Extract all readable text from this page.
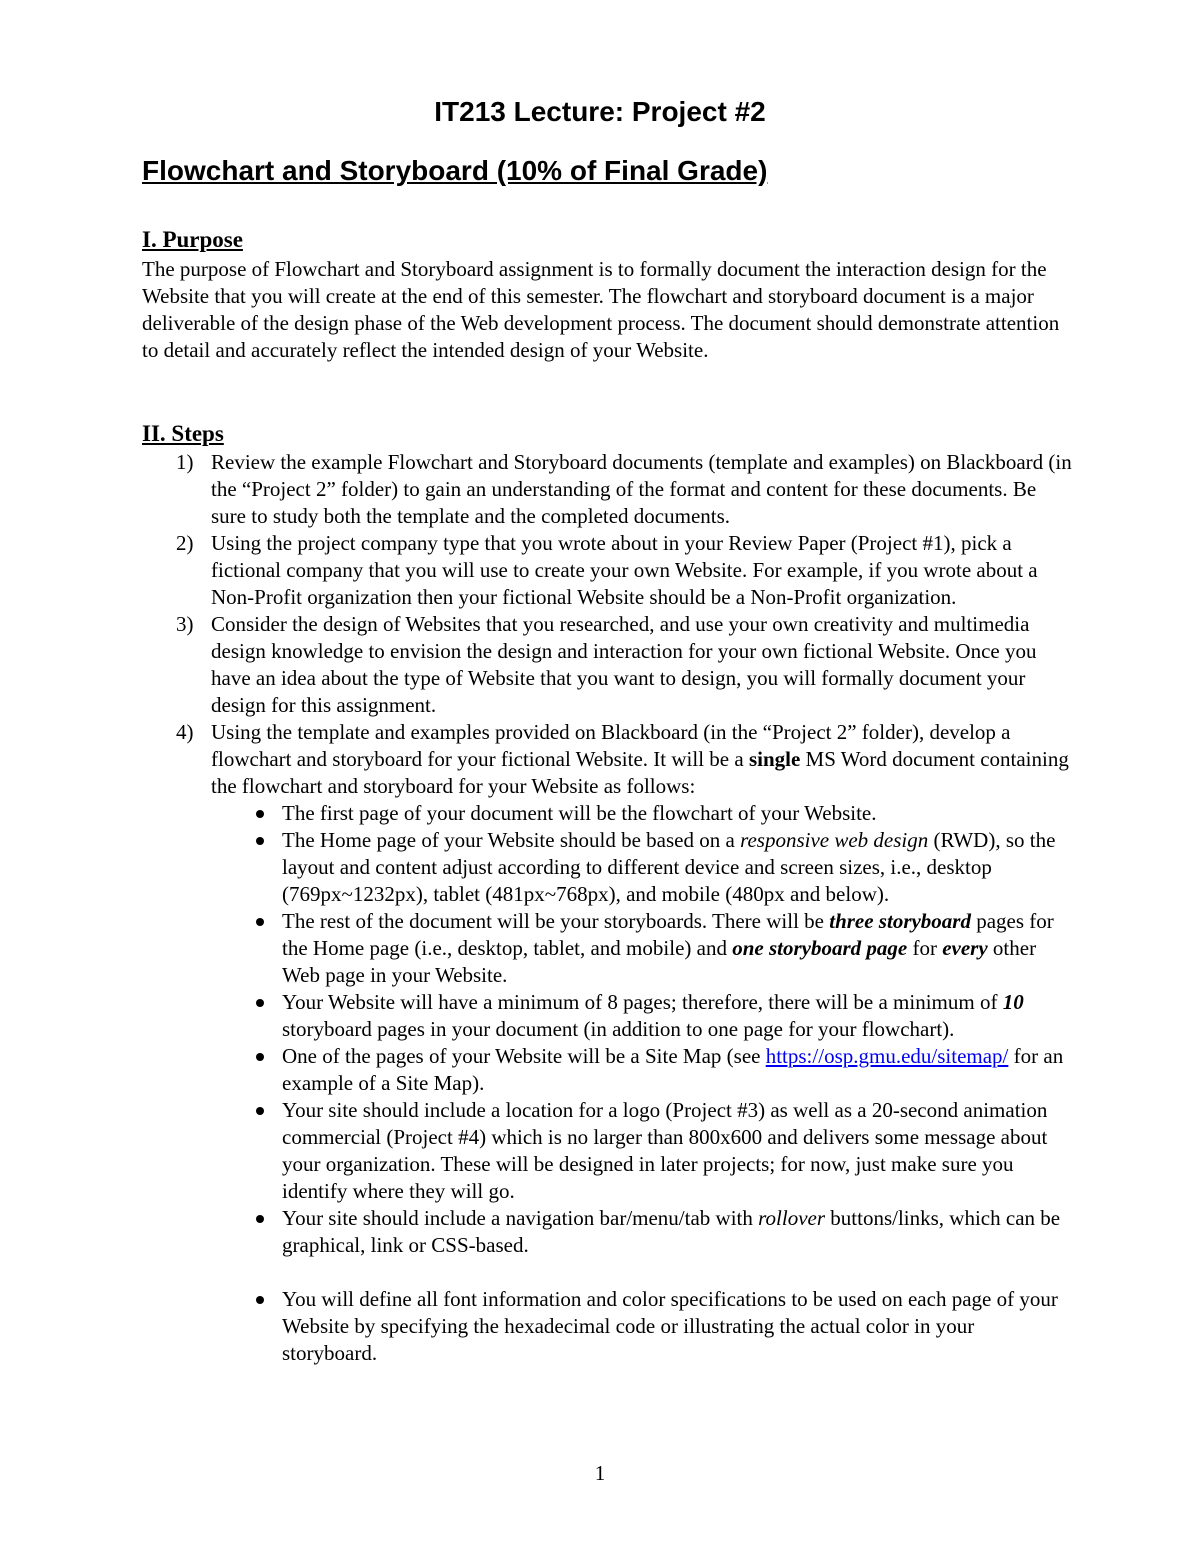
IT213 Lecture: Project #2
Flowchart and Storyboard (10% of Final Grade)
I. Purpose

The purpose of Flowchart and Storyboard assignment is to formally document the interaction design for the Website that you will create at the end of this semester. The flowchart and storyboard document is a major deliverable of the design phase of the Web development process. The document should demonstrate attention to detail and accurately reflect the intended design of your Website.

II. Steps
1) Review the example Flowchart and Storyboard documents (template and examples) on Blackboard (in the “Project 2” folder) to gain an understanding of the format and content for these documents. Be sure to study both the template and the completed documents.
2) Using the project company type that you wrote about in your Review Paper (Project #1), pick a fictional company that you will use to create your own Website. For example, if you wrote about a Non-Profit organization then your fictional Website should be a Non-Profit organization.
3) Consider the design of Websites that you researched, and use your own creativity and multimedia design knowledge to envision the design and interaction for your own fictional Website. Once you have an idea about the type of Website that you want to design, you will formally document your design for this assignment.
4) Using the template and examples provided on Blackboard (in the “Project 2” folder), develop a flowchart and storyboard for your fictional Website. It will be a single MS Word document containing the flowchart and storyboard for your Website as follows:
The first page of your document will be the flowchart of your Website.
The Home page of your Website should be based on a responsive web design (RWD), so the layout and content adjust according to different device and screen sizes, i.e., desktop (769px~1232px), tablet (481px~768px), and mobile (480px and below).
The rest of the document will be your storyboards. There will be three storyboard pages for the Home page (i.e., desktop, tablet, and mobile) and one storyboard page for every other Web page in your Website.
Your Website will have a minimum of 8 pages; therefore, there will be a minimum of 10 storyboard pages in your document (in addition to one page for your flowchart).
One of the pages of your Website will be a Site Map (see https://osp.gmu.edu/sitemap/ for an example of a Site Map).
Your site should include a location for a logo (Project #3) as well as a 20-second animation commercial (Project #4) which is no larger than 800x600 and delivers some message about your organization. These will be designed in later projects; for now, just make sure you identify where they will go.
Your site should include a navigation bar/menu/tab with rollover buttons/links, which can be graphical, link or CSS-based.
You will define all font information and color specifications to be used on each page of your Website by specifying the hexadecimal code or illustrating the actual color in your storyboard.

1
